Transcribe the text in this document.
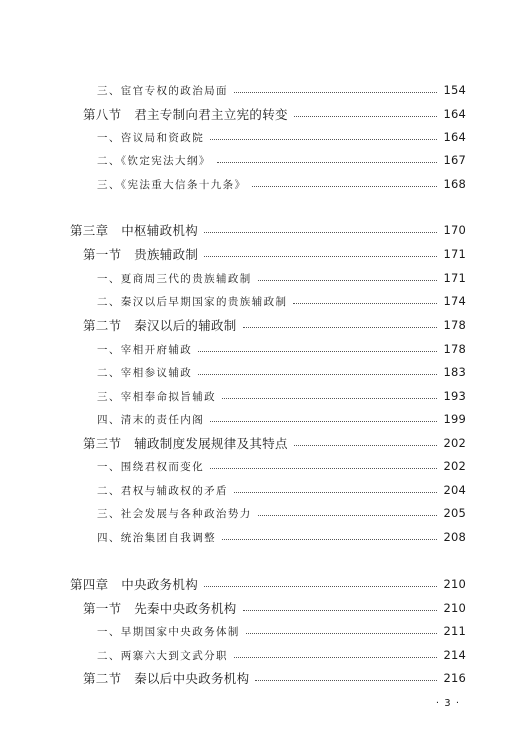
三、宦官专权的政治局面	154
第八节　君主专制向君主立宪的转变	164
一、咨议局和资政院	164
二、《钦定宪法大纲》	167
三、《宪法重大信条十九条》	168
第三章　中枢辅政机构	170
第一节　贵族辅政制	171
一、夏商周三代的贵族辅政制	171
二、秦汉以后早期国家的贵族辅政制	174
第二节　秦汉以后的辅政制	178
一、宰相开府辅政	178
二、宰相参议辅政	183
三、宰相奉命拟旨辅政	193
四、清末的责任内阁	199
第三节　辅政制度发展规律及其特点	202
一、围绕君权而变化	202
二、君权与辅政权的矛盾	204
三、社会发展与各种政治势力	205
四、统治集团自我调整	208
第四章　中央政务机构	210
第一节　先秦中央政务机构	210
一、早期国家中央政务体制	211
二、两寨六大到文武分职	214
第二节　秦以后中央政务机构	216
· 3 ·
